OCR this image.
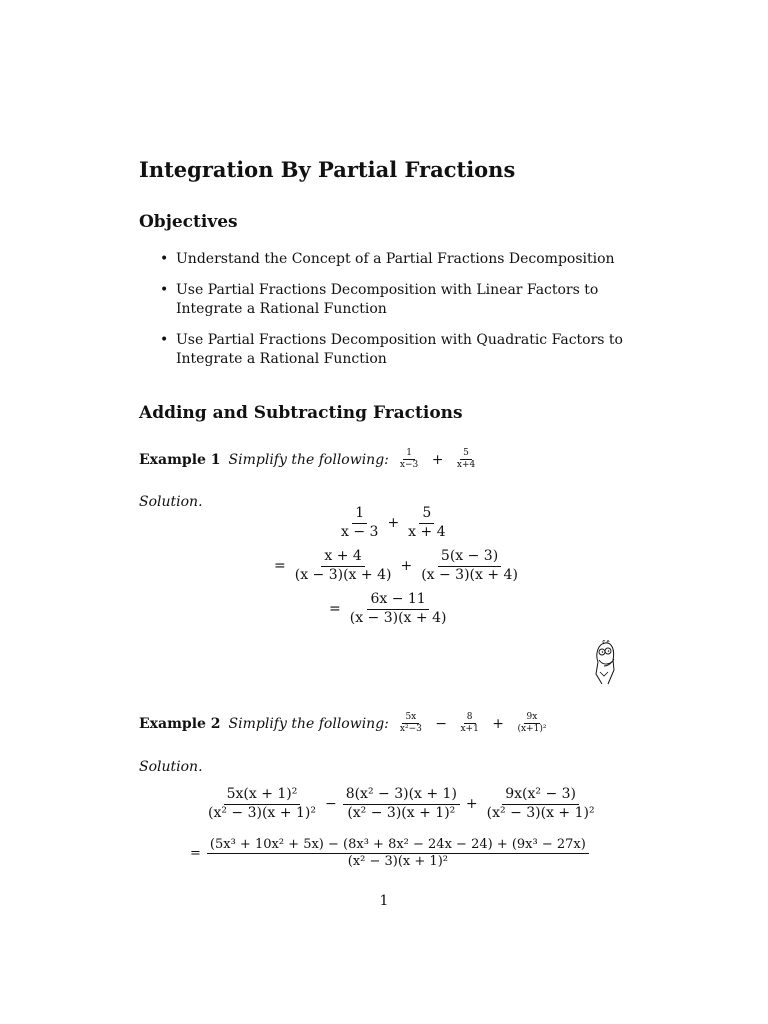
Integration By Partial Fractions
Objectives
• Understand the Concept of a Partial Fractions Decomposition
• Use Partial Fractions Decomposition with Linear Factors to Integrate a Rational Function
• Use Partial Fractions Decomposition with Quadratic Factors to Integrate a Rational Function
Adding and Subtracting Fractions
Example 1 Simplify the following: $\frac{1}{x-3} + \frac{5}{x+4}$
Solution.
$\frac{1}{x - 3} + \frac{5}{x + 4}$
= $\frac{x + 4}{(x - 3)(x + 4)} + \frac{5(x - 3)}{(x - 3)(x + 4)}$
= $\frac{6x - 11}{(x - 3)(x + 4)}$
Example 2 Simplify the following: $\frac{5x}{\text{x²−3}} - \frac{8}{x+1} + \frac{9x}{\text{(x+1)²}}$
Solution.
$\frac{\text{5x(x + 1)²}}{\text{(x² − 3)(x + 1)²}} - \frac{\text{8(x² − 3)(x + 1)}}{\text{(x² − 3)(x + 1)²}} + \frac{\text{9x(x² − 3)}}{\text{(x² − 3)(x + 1)²}}$
= $\frac{\text{(5x³ + 10x² + 5x) − (8x³ + 8x² − 24x − 24) + (9x³ − 27x)}}{\text{(x² − 3)(x + 1)²}}$
1
